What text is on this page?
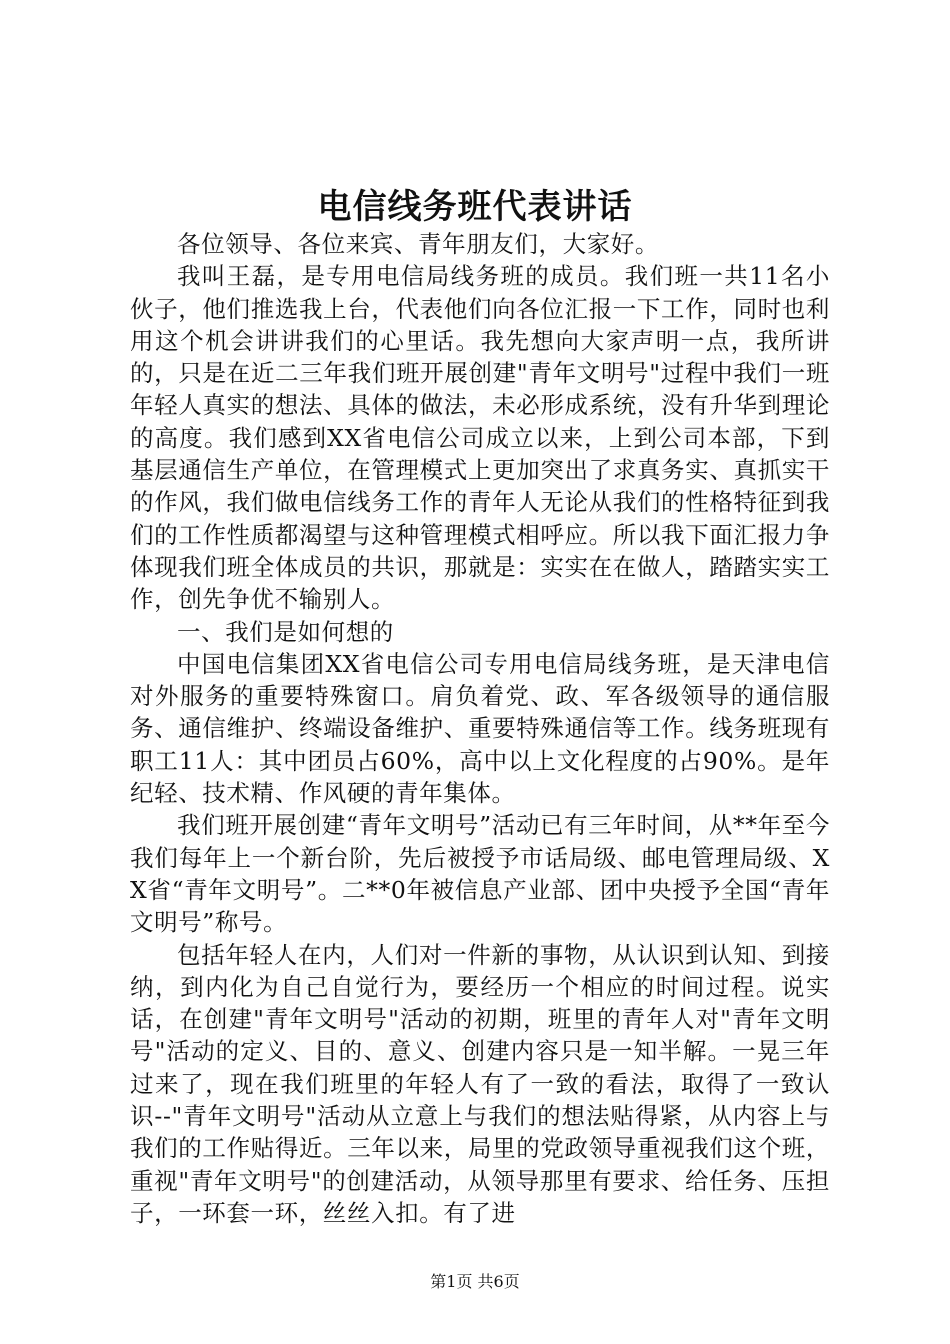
电信线务班代表讲话

各位领导、各位来宾、青年朋友们，大家好。

我叫王磊，是专用电信局线务班的成员。我们班一共11名小伙子，他们推选我上台，代表他们向各位汇报一下工作，同时也利用这个机会讲讲我们的心里话。我先想向大家声明一点，我所讲的，只是在近二三年我们班开展创建"青年文明号"过程中我们一班年轻人真实的想法、具体的做法，未必形成系统，没有升华到理论的高度。我们感到XX省电信公司成立以来，上到公司本部，下到基层通信生产单位，在管理模式上更加突出了求真务实、真抓实干的作风，我们做电信线务工作的青年人无论从我们的性格特征到我们的工作性质都渴望与这种管理模式相呼应。所以我下面汇报力争体现我们班全体成员的共识，那就是：实实在在做人，踏踏实实工作，创先争优不输别人。

一、我们是如何想的

中国电信集团XX省电信公司专用电信局线务班，是天津电信对外服务的重要特殊窗口。肩负着党、政、军各级领导的通信服务、通信维护、终端设备维护、重要特殊通信等工作。线务班现有职工11人：其中团员占60%，高中以上文化程度的占90%。是年纪轻、技术精、作风硬的青年集体。

我们班开展创建“青年文明号”活动已有三年时间，从**年至今我们每年上一个新台阶，先后被授予市话局级、邮电管理局级、XX省“青年文明号”。二**0年被信息产业部、团中央授予全国“青年文明号”称号。

包括年轻人在内，人们对一件新的事物，从认识到认知、到接纳，到内化为自己自觉行为，要经历一个相应的时间过程。说实话，在创建"青年文明号"活动的初期，班里的青年人对"青年文明号"活动的定义、目的、意义、创建内容只是一知半解。一晃三年过来了，现在我们班里的年轻人有了一致的看法，取得了一致认识--"青年文明号"活动从立意上与我们的想法贴得紧，从内容上与我们的工作贴得近。三年以来，局里的党政领导重视我们这个班，重视"青年文明号"的创建活动，从领导那里有要求、给任务、压担子，一环套一环，丝丝入扣。有了进

第1页 共6页
